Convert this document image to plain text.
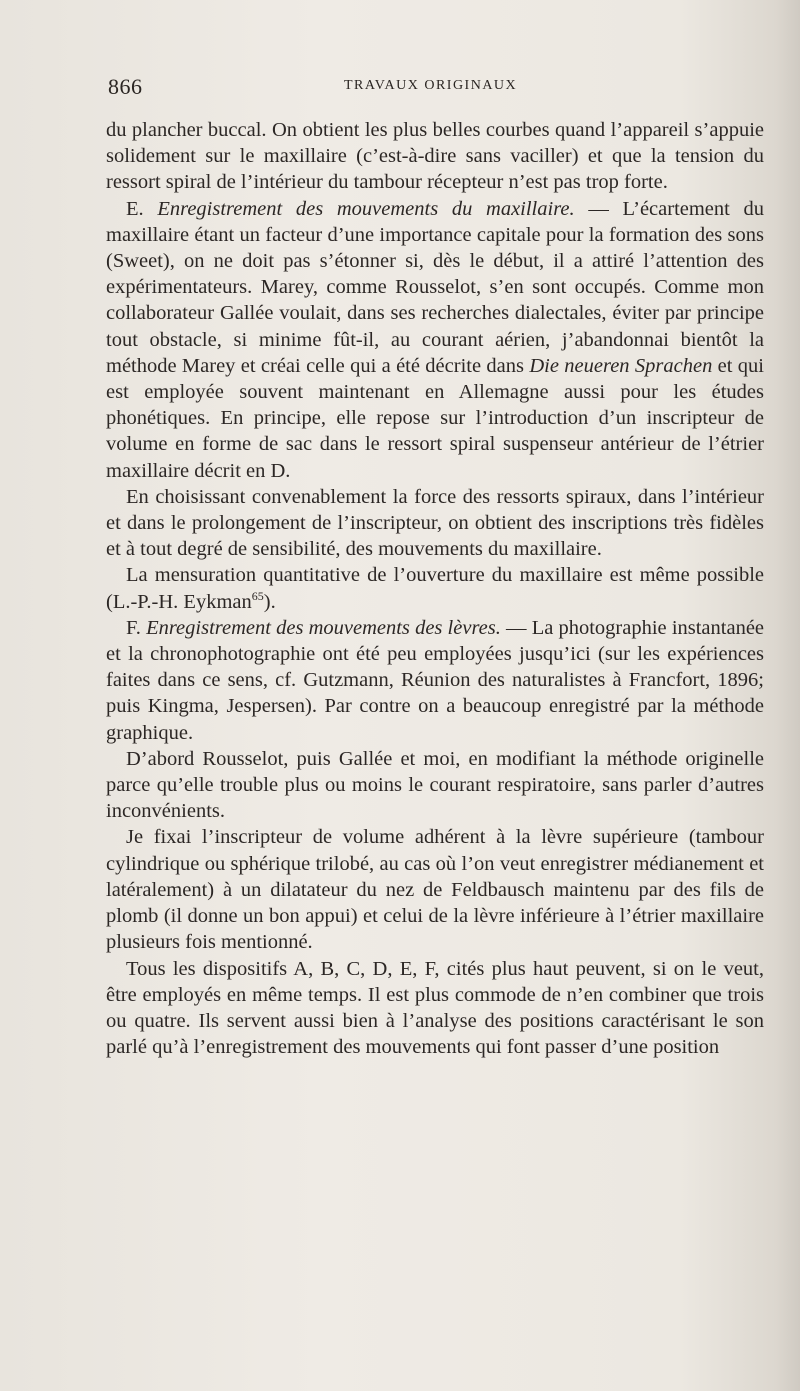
866	TRAVAUX ORIGINAUX

du plancher buccal. On obtient les plus belles courbes quand l’appareil s’appuie solidement sur le maxillaire (c’est-à-dire sans vaciller) et que la tension du ressort spiral de l’intérieur du tambour récepteur n’est pas trop forte.

E. Enregistrement des mouvements du maxillaire. — L’écartement du maxillaire étant un facteur d’une importance capitale pour la formation des sons (Sweet), on ne doit pas s’étonner si, dès le début, il a attiré l’attention des expérimentateurs. Marey, comme Rousselot, s’en sont occupés. Comme mon collaborateur Gallée voulait, dans ses recherches dialectales, éviter par principe tout obstacle, si minime fût-il, au courant aérien, j’abandonnai bientôt la méthode Marey et créai celle qui a été décrite dans Die neueren Sprachen et qui est employée souvent maintenant en Allemagne aussi pour les études phonétiques. En principe, elle repose sur l’introduction d’un inscripteur de volume en forme de sac dans le ressort spiral suspenseur antérieur de l’étrier maxillaire décrit en D.

En choisissant convenablement la force des ressorts spiraux, dans l’intérieur et dans le prolongement de l’inscripteur, on obtient des inscriptions très fidèles et à tout degré de sensibilité, des mouvements du maxillaire.

La mensuration quantitative de l’ouverture du maxillaire est même possible (L.-P.-H. Eykman$^{65}$).

F. Enregistrement des mouvements des lèvres. — La photographie instantanée et la chronophotographie ont été peu employées jusqu’ici (sur les expériences faites dans ce sens, cf. Gutzmann, Réunion des naturalistes à Francfort, 1896; puis Kingma, Jespersen). Par contre on a beaucoup enregistré par la méthode graphique.

D’abord Rousselot, puis Gallée et moi, en modifiant la méthode originelle parce qu’elle trouble plus ou moins le courant respiratoire, sans parler d’autres inconvénients.

Je fixai l’inscripteur de volume adhérent à la lèvre supérieure (tambour cylindrique ou sphérique trilobé, au cas où l’on veut enregistrer médianement et latéralement) à un dilatateur du nez de Feldbausch maintenu par des fils de plomb (il donne un bon appui) et celui de la lèvre inférieure à l’étrier maxillaire plusieurs fois mentionné.

Tous les dispositifs A, B, C, D, E, F, cités plus haut peuvent, si on le veut, être employés en même temps. Il est plus commode de n’en combiner que trois ou quatre. Ils servent aussi bien à l’analyse des positions caractérisant le son parlé qu’à l’enregistrement des mouvements qui font passer d’une position
